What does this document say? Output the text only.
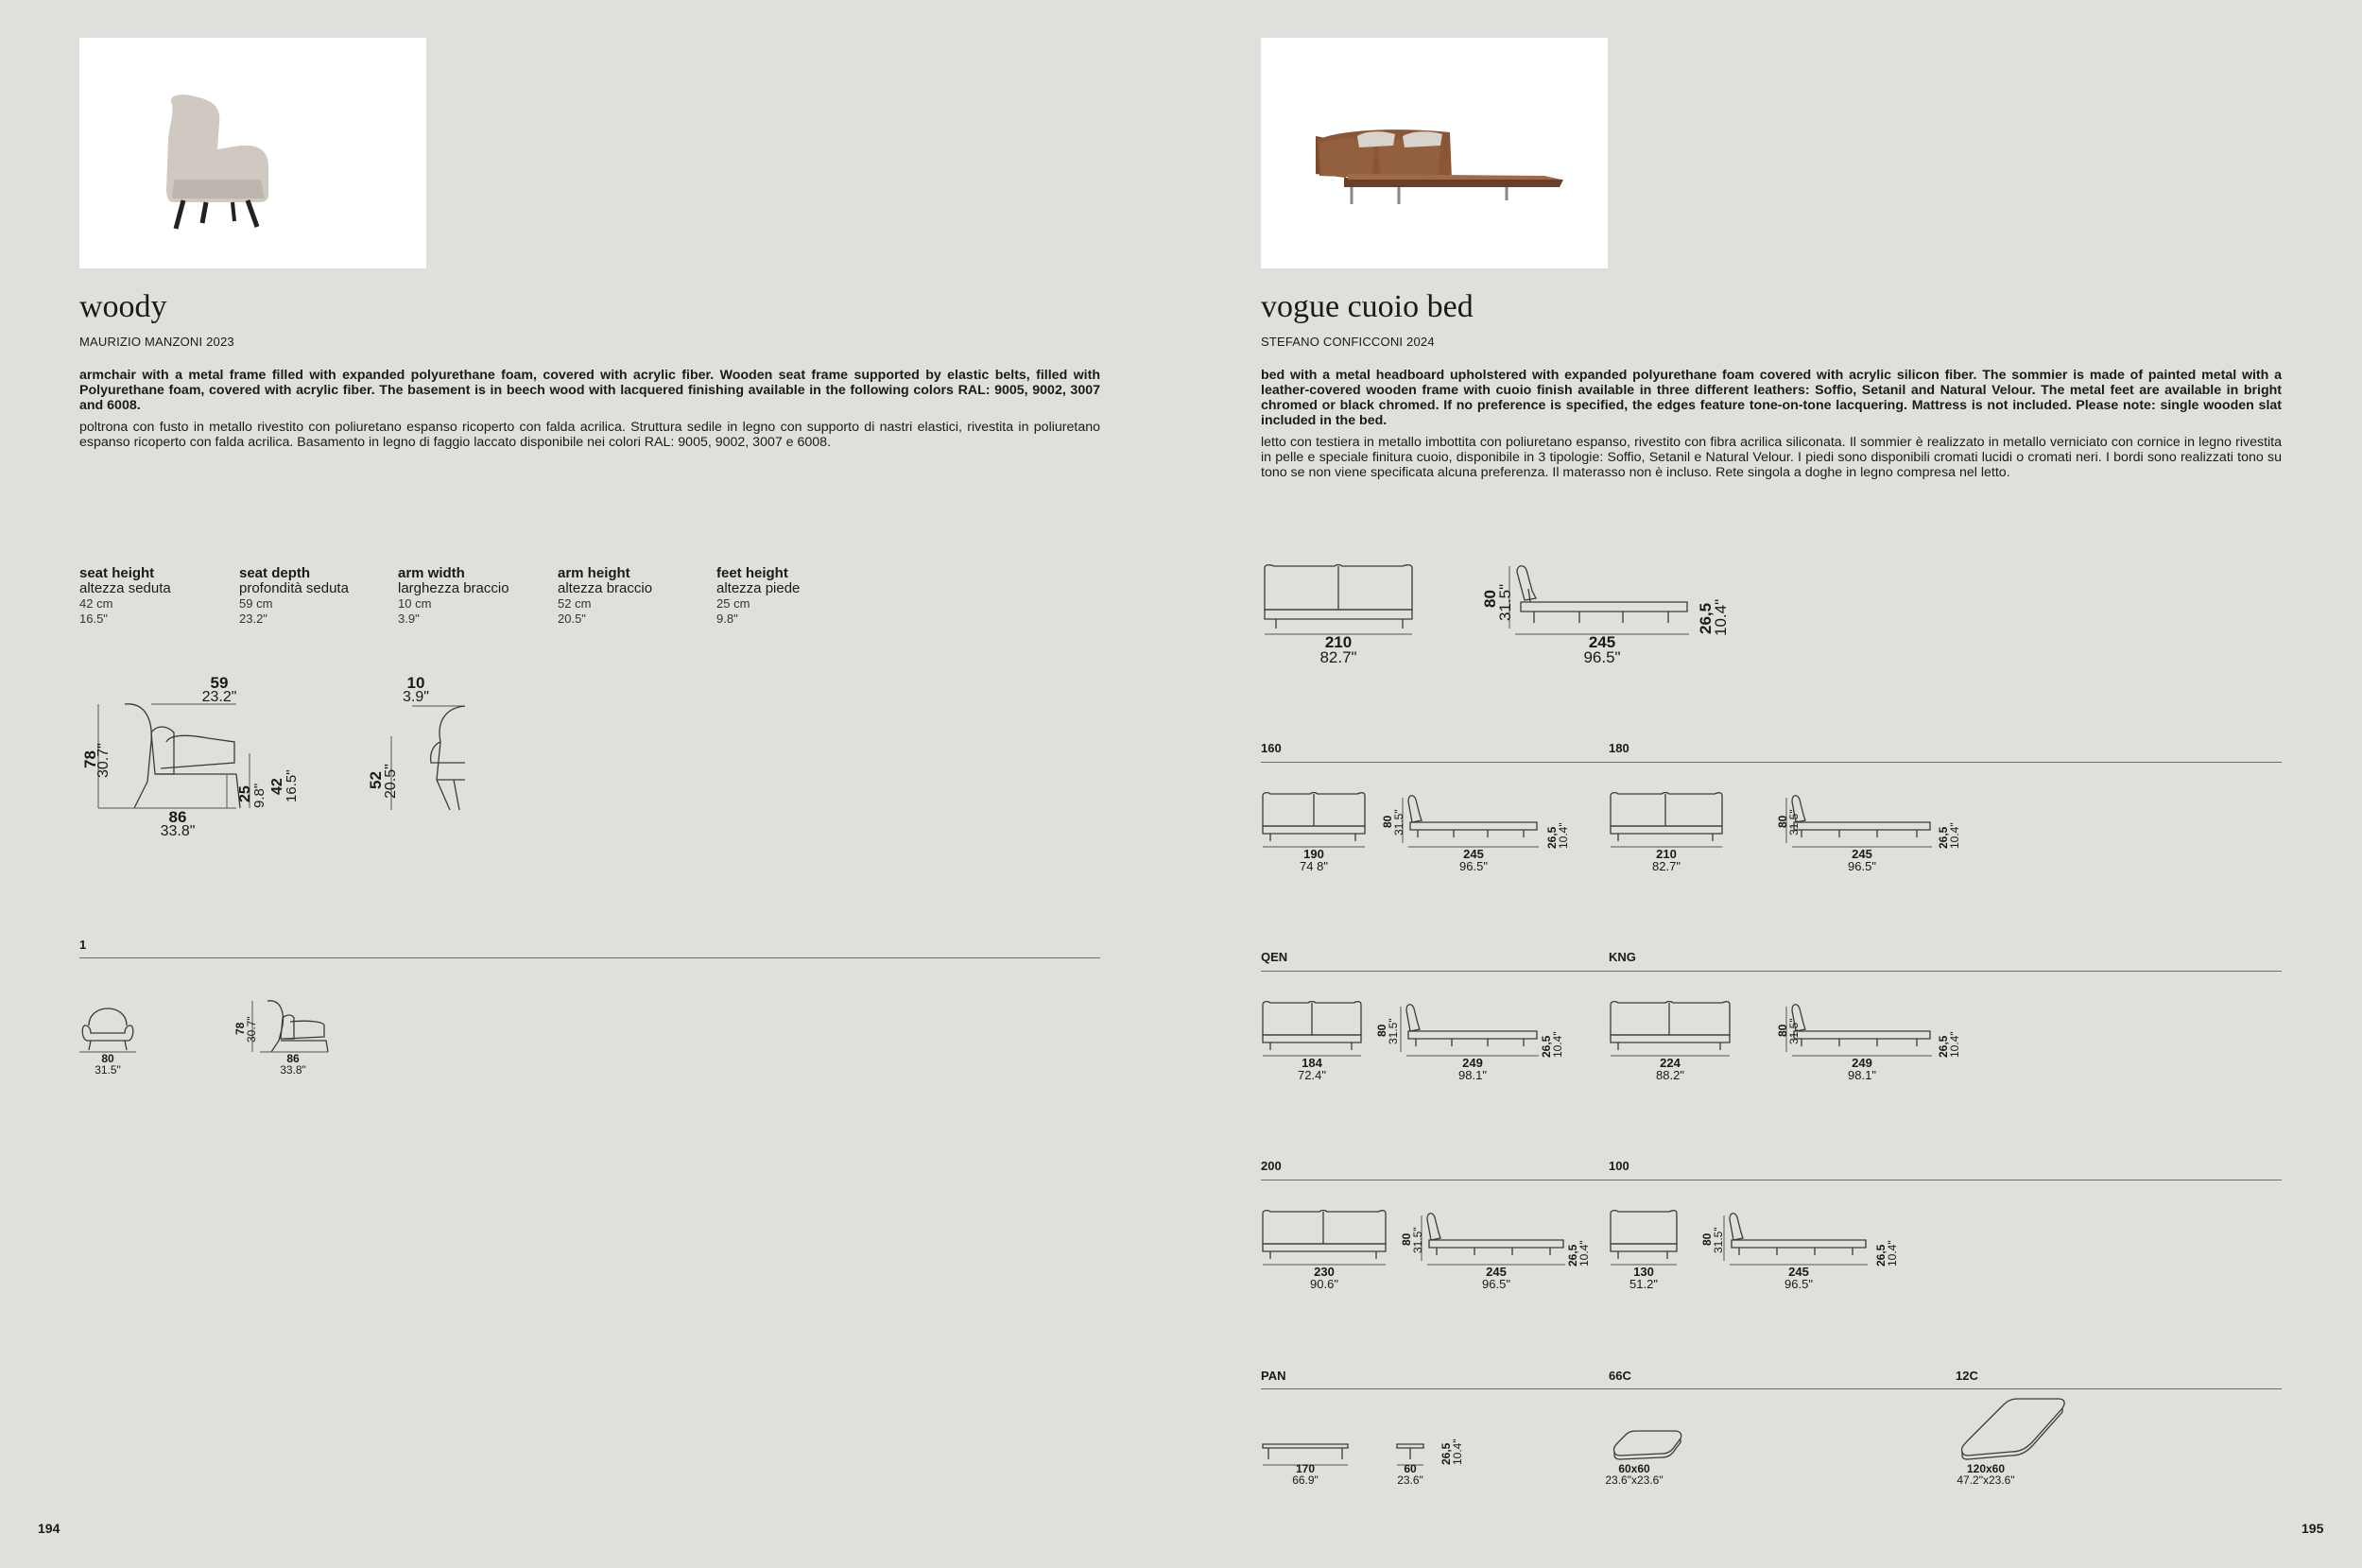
woody
MAURIZIO MANZONI 2023
armchair with a metal frame filled with expanded polyurethane foam, covered with acrylic fiber. Wooden seat frame supported by elastic belts, filled with Polyurethane foam, covered with acrylic fiber. The basement is in beech wood with lacquered finishing available in the following colors RAL: 9005, 9002, 3007 and 6008.
poltrona con fusto in metallo rivestito con poliuretano espanso ricoperto con falda acrilica. Struttura sedile in legno con supporto di nastri elastici, rivestita in poliuretano espanso ricoperto con falda acrilica. Basamento in legno di faggio laccato disponibile nei colori RAL: 9005, 9002, 3007 e 6008.
seat height
altezza seduta
42 cm
16.5"
seat depth
profondità seduta
59 cm
23.2"
arm width
larghezza braccio
10 cm
3.9"
arm height
altezza braccio
52 cm
20.5"
feet height
altezza piede
25 cm
9.8"
59
23.2"
78
30.7"
25
9.8" 42
16.5"
86
33.8"
10
3.9"
52
20.5"
1
80
31.5"
78
30.7"
86
33.8"
194
vogue cuoio bed
STEFANO CONFICCONI 2024
bed with a metal headboard upholstered with expanded polyurethane foam covered with acrylic silicon fiber. The sommier is made of painted metal with a leather-covered wooden frame with cuoio finish available in three different leathers: Soffio, Setanil and Natural Velour. The metal feet are available in bright chromed or black chromed. If no preference is specified, the edges feature tone-on-tone lacquering. Mattress is not included. Please note: single wooden slat included in the bed.
letto con testiera in metallo imbottita con poliuretano espanso, rivestito con fibra acrilica siliconata. Il sommier è realizzato in metallo verniciato con cornice in legno rivestita in pelle e speciale finitura cuoio, disponibile in 3 tipologie: Soffio, Setanil e Natural Velour. I piedi sono disponibili cromati lucidi o cromati neri. I bordi sono realizzati tono su tono se non viene specificata alcuna preferenza. Il materasso non è incluso. Rete singola a doghe in legno compresa nel letto.
210
82.7"
80
31.5"
245
96.5"
26,5
10.4"
160	180
QEN	KNG
200	100
190
74 8"
80
31.5"
245
96.5"
26,5
10.4"
210
82.7"
80
31.5"
245
96.5"
26,5
10.4"
184
72.4"
80
31.5"
249
98.1"
26,5
10.4"
224
88.2"
80
31.5"
249
98.1"
26,5
10.4"
230
90.6"
80
31.5"
245
96.5"
26,5
10.4"
130
51.2"
80
31.5"
245
96.5"
26,5
10.4"
PAN	66C	12C
170
66.9"
60
23.6"
26,5
10.4"
60x60
23.6"x23.6"
120x60
47.2"x23.6"
195
